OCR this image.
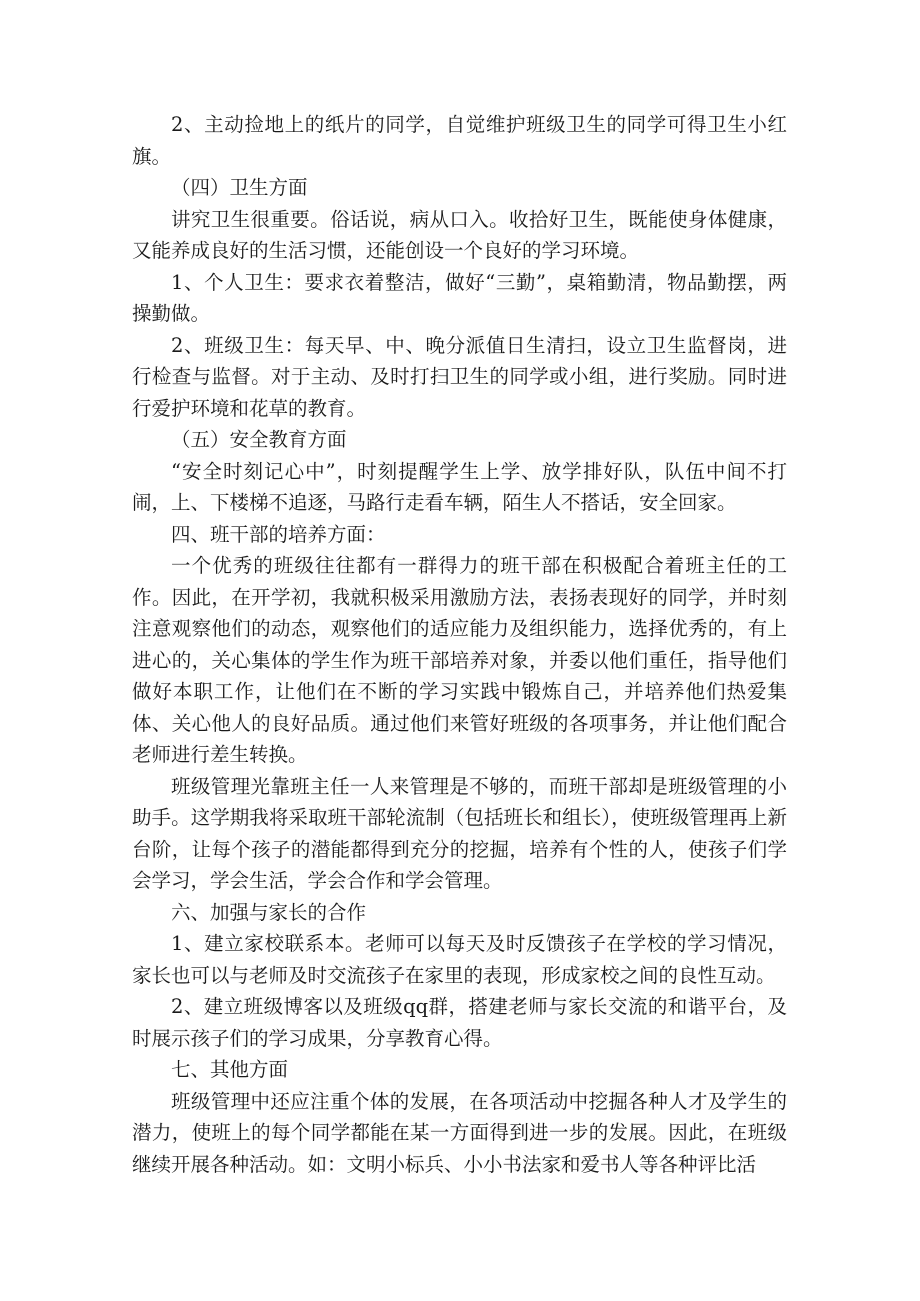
2、主动捡地上的纸片的同学，自觉维护班级卫生的同学可得卫生小红旗。

（四）卫生方面

讲究卫生很重要。俗话说，病从口入。收拾好卫生，既能使身体健康，又能养成良好的生活习惯，还能创设一个良好的学习环境。

1、个人卫生：要求衣着整洁，做好“三勤”，桌箱勤清，物品勤摆，两操勤做。

2、班级卫生：每天早、中、晚分派值日生清扫，设立卫生监督岗，进行检查与监督。对于主动、及时打扫卫生的同学或小组，进行奖励。同时进行爱护环境和花草的教育。

（五）安全教育方面

“安全时刻记心中”，时刻提醒学生上学、放学排好队，队伍中间不打闹，上、下楼梯不追逐，马路行走看车辆，陌生人不搭话，安全回家。

四、班干部的培养方面：

一个优秀的班级往往都有一群得力的班干部在积极配合着班主任的工作。因此，在开学初，我就积极采用激励方法，表扬表现好的同学，并时刻注意观察他们的动态，观察他们的适应能力及组织能力，选择优秀的，有上进心的，关心集体的学生作为班干部培养对象，并委以他们重任，指导他们做好本职工作，让他们在不断的学习实践中锻炼自己，并培养他们热爱集体、关心他人的良好品质。通过他们来管好班级的各项事务，并让他们配合老师进行差生转换。

班级管理光靠班主任一人来管理是不够的，而班干部却是班级管理的小助手。这学期我将采取班干部轮流制（包括班长和组长），使班级管理再上新台阶，让每个孩子的潜能都得到充分的挖掘，培养有个性的人，使孩子们学会学习，学会生活，学会合作和学会管理。

六、加强与家长的合作

1、建立家校联系本。老师可以每天及时反馈孩子在学校的学习情况，家长也可以与老师及时交流孩子在家里的表现，形成家校之间的良性互动。

2、建立班级博客以及班级qq群，搭建老师与家长交流的和谐平台，及时展示孩子们的学习成果，分享教育心得。

七、其他方面

班级管理中还应注重个体的发展，在各项活动中挖掘各种人才及学生的潜力，使班上的每个同学都能在某一方面得到进一步的发展。因此，在班级继续开展各种活动。如：文明小标兵、小小书法家和爱书人等各种评比活
